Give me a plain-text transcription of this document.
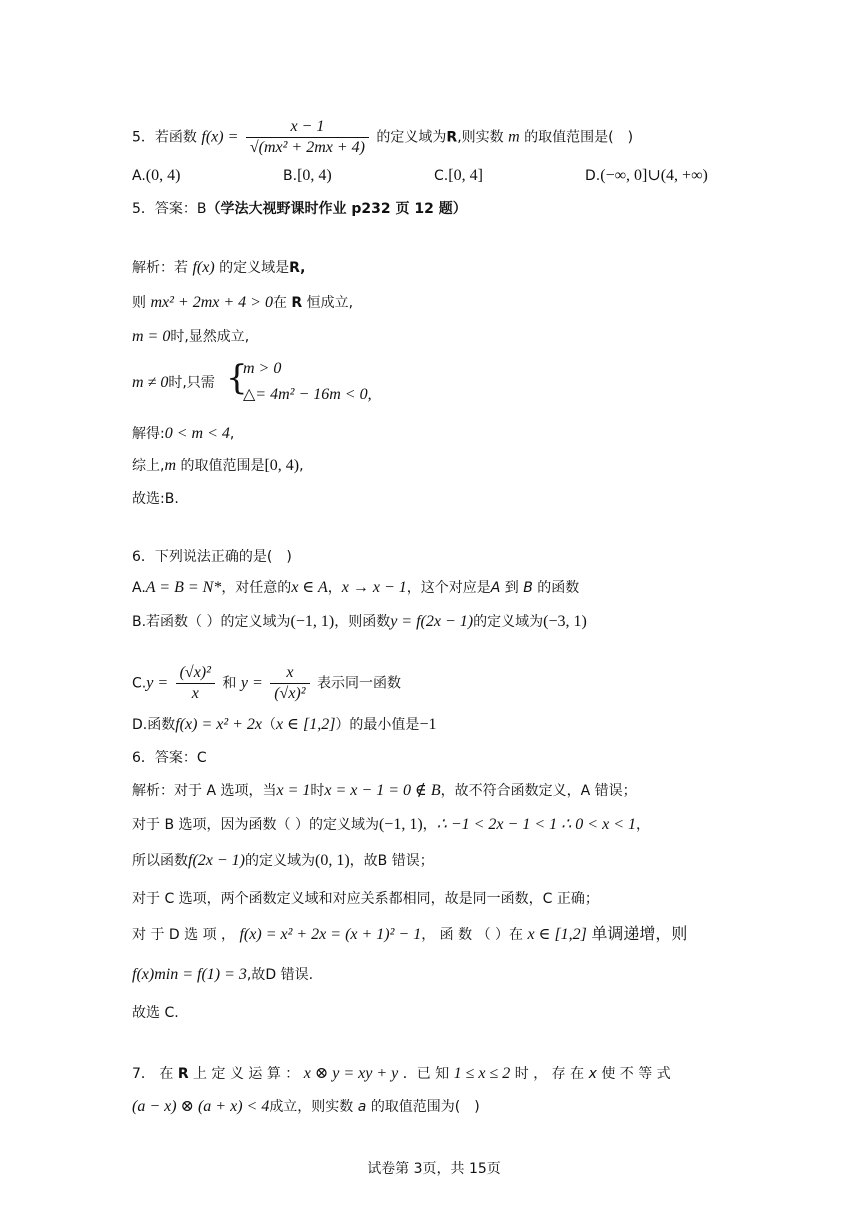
5．若函数 $f(x) = \frac{x - 1}{\text{√(mx² + 2mx + 4)}}$ 的定义域为R,则实数 m 的取值范围是(　)
A.(0, 4)	B.[0, 4)	C.[0, 4]	D.(−∞, 0]∪(4, +∞)
5．答案：B（学法大视野课时作业 p232 页 12 题）
解析：若 f(x) 的定义域是R,
则 mx² + 2mx + 4 > 0在 R 恒成立,
m = 0时,显然成立,
m ≠ 0时,只需 {
m > 0
△= 4m² − 16m < 0,
解得:0 < m < 4,
综上,m 的取值范围是[0, 4),
故选:B.
6．下列说法正确的是(　)
A.A = B = N*，对任意的x ∈ A，x → x − 1，这个对应是A 到 B 的函数
B.若函数（ ）的定义域为(−1, 1)，则函数y = f(2x − 1)的定义域为(−3, 1)
$C.y = \frac{\text{(√x)²}}{x}$ 和 $y = \frac{x}{\text{(√x)²}}$ 表示同一函数
D.函数f(x) = x² + 2x（x ∈ [1,2]）的最小值是−1
6．答案：C
解析：对于 A 选项，当x = 1时x = x − 1 = 0 ∉ B，故不符合函数定义，A 错误；
对于 B 选项，因为函数（ ）的定义域为(−1, 1)，∴ −1 < 2x − 1 < 1 ∴ 0 < x < 1，
所以函数f(2x − 1)的定义域为(0, 1)，故B 错误；
对于 C 选项，两个函数定义域和对应关系都相同，故是同一函数，C 正确；
对 于 D 选 项 ， f(x) = x² + 2x = (x + 1)² − 1， 函 数 （ ）在 x ∈ [1,2] 单调递增，则
f(x)min = f(1) = 3,故D 错误.
故选 C.
7． 在 R 上 定 义 运 算 ： x ⊗ y = xy + y ．已 知 1 ≤ x ≤ 2 时 ， 存 在 x 使 不 等 式
(a − x) ⊗ (a + x) < 4成立，则实数 a 的取值范围为(　)
试卷第 3页，共 15页
